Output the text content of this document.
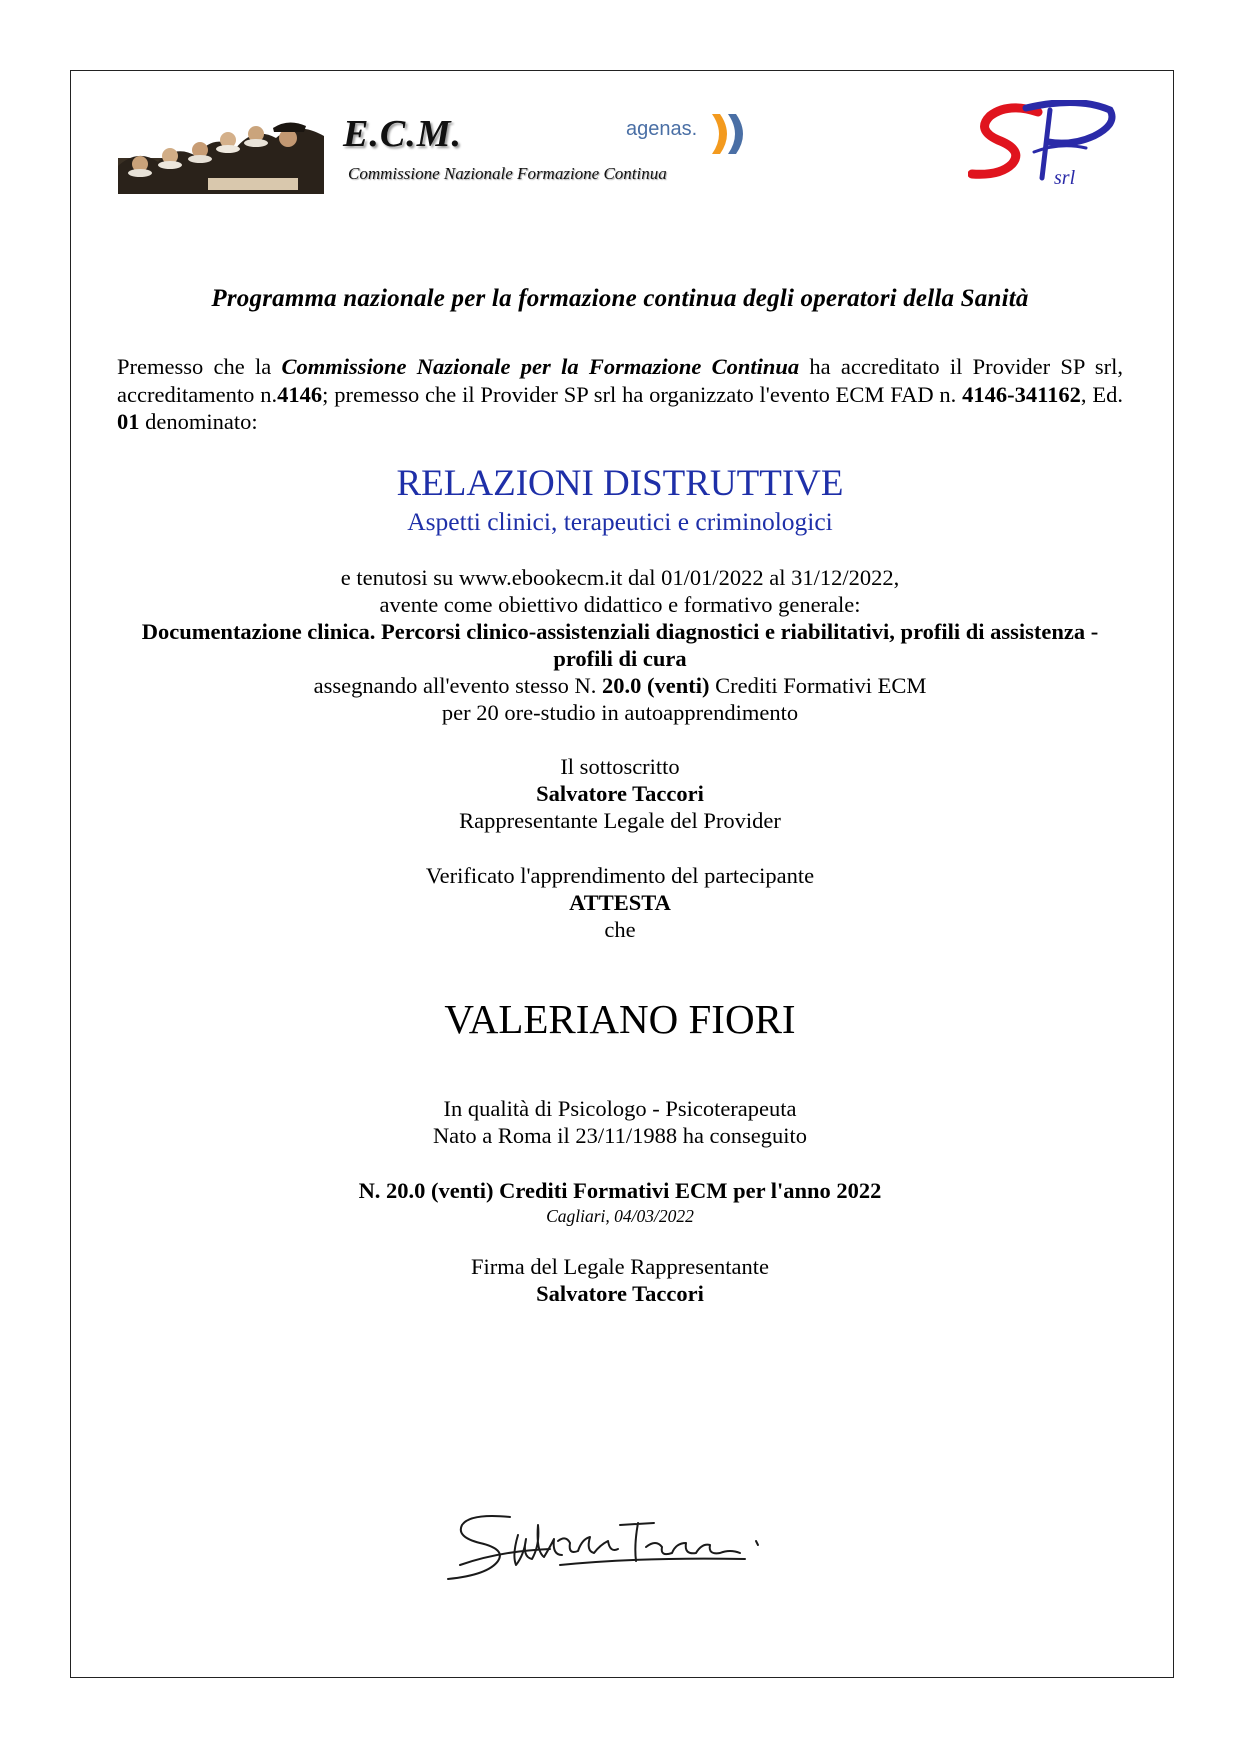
E.C.M.
Commissione Nazionale Formazione Continua
agenas.
srl
Programma nazionale per la formazione continua degli operatori della Sanità
Premesso che la Commissione Nazionale per la Formazione Continua ha accreditato il Provider SP srl, accreditamento n.4146; premesso che il Provider SP srl ha organizzato l'evento ECM FAD n. 4146-341162, Ed. 01 denominato:
RELAZIONI DISTRUTTIVE
Aspetti clinici, terapeutici e criminologici
e tenutosi su www.ebookecm.it dal 01/01/2022 al 31/12/2022,
avente come obiettivo didattico e formativo generale:
Documentazione clinica. Percorsi clinico-assistenziali diagnostici e riabilitativi, profili di assistenza - profili di cura
assegnando all'evento stesso N. 20.0 (venti) Crediti Formativi ECM
per 20 ore-studio in autoapprendimento
Il sottoscritto
Salvatore Taccori
Rappresentante Legale del Provider
Verificato l'apprendimento del partecipante
ATTESTA
che
VALERIANO FIORI
In qualità di Psicologo - Psicoterapeuta
Nato a Roma il 23/11/1988 ha conseguito
N. 20.0 (venti) Crediti Formativi ECM per l'anno 2022
Cagliari, 04/03/2022
Firma del Legale Rappresentante
Salvatore Taccori
